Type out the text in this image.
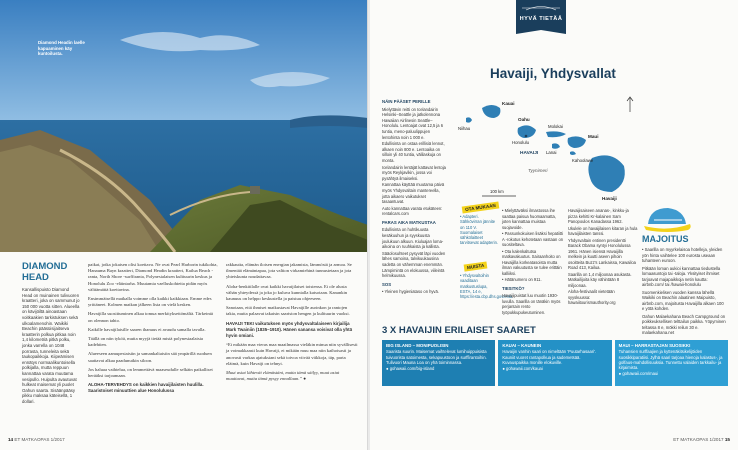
Diamond Headin laelle kapuaminen käy kuntoilusta.
DIAMOND HEAD
Kansallispuisto Diamond Head on muinainen tulivuoren kraatteri, joka on sammunut jo 150 000 vuotta sitten. Alueella on kävijöiltä ainoastaan voitkaakien tarkistuksen sekä ulkoalamenohin. Waikiki Beachin pääsüisijaitseva kraatterin polkua pitkaa noin 1,4 kilometriä pitkä polku, jonka varrella on 1048 porrasta, tunneleita sekä taukopaikkoja. Kiipeämisen ennätys normaalikuntoisella polkijalla, mutta reppuun kannattaa varata muutama vesipullo. Huipulta avautuvat hulkeat maisemat yli puolet Oahun saarta. Sisäänpääsy pikku maksaa käteisellä, 1 dollari.

paikat, jotka jokaisen olisi koettava. Ne ovat Pearl Harborin tukikohta, Hanauma Bayn kraatteri, Diamond Headin kraatteri, Kailua Beach -ranta, North Shore -surffiranta, Polynesialaisen kulttuurin keskus ja Honolulu Zoo -eläintarha. Muutamia vaelluskohteita pidän myös välttämättä koettavina.

Ensimmäisellä matkalla voimme olla kaikki kaikkiaan. Emme edes yrittäneet. Kolmen matkan jälkeen lista on vielä kesken.

Havaijilla suosittuminen alkaa tomua merkityksettömältä. Tärkeintä on olennon tahto.

Kaikille havaijilaisille saaren ihanuus ei avaudu samalla tavalla.

Täällä on niin tyköä, mutta myyjä tietää mistä polynesiaalaisia kadehtien.

Alueeseen aamupesiaisiin ja samankaltaisiin sää ympärillä ruoduen saattavat alkaa paadunutkin siloon.

Jos haluaa vaihtelua, on lemmettävä maaseudulle selkäin paikalliset herääksi tarjoamaan.

ALOHA-TERVEHDYS on kaikkien havaijilaisten huulilla. Saaristoiset minuuttien alue Honolulussa

rakkautta, elämän iloisen energian jakamista, lämmöstä ja armoa. Se ilmentää elämäntapaa, jota valtion virkamiehinä tunnustetaan ja jota yhteiskunta noudattavaa.

Aloha-henkitilalle ovat kaikki havaijilaiset toistensa. Ei ole alusta vähän yhteydessä ja joka jo kuluva kunnialla katsotaan. Kanankin kaunuus on helppo keskustella ja paistuu ohjeeseen.

Sanotaan, että ihmiset matkustavat Havaijille aurinkon ja rantojen takia, mutta palaavat takaisin saariston hengen ja kulttuurin vuoksi.

HAVAIJI TEKI vaikutuksen myös yhdysvaltalaiseen kirjailija Mark Twainiin (1835–1910). Hänen sanansa voisivat olla yhtä hyvin omiani.

“Ei mikään maa vieras maa maailmassa vieläkin minua niin syvällisesti ja voimakkaasti kuin Havaiji, ei mikään muu maa niin kaihoisasti ja anovasti varkaa ajatuksiani sekä toivoa viivää viikkoja, täp, parta eläimä, kuin Havaiji on tehnyt.

Muut asiat lähtevät elämästäni, mutta tämä säilyy, muut asiat muuttuvat, mutta tämä pysyy ennallaan.” ●

14 ET MATKAOPAS 1/2017
HYVÄ TIETÄÄ
Havaiji, Yhdysvallat
NÄIN PÄÄSET PERILLE

Mielyttävin reitti on Icelandairin Helsinki–Seattle ja jatkolennona Hawaiian Airlinesin Seattle–Honolulu. Lentoajat ovat 12,5 ja 6 tuntia, meno-paluulippujen lentohinta noin 1 000 e.

Edullisinta on ostaa erillisiä lennot, alkaen noin 800 e. Lentoaika on silloin yli 40 tuntia, välilaskuja on monta.

Icelandairin lentäjät kattavat lentoja myös Reykjavikin, jossa voi pysähtyä ilmaiseksi.

Kannattaa käyttää muutama päivä myös Yhdysvaltain mantereella, jotta aikaero vaikutukset tasaantuvat.

Auto kannattaa varata etukäteen: rentalcars.com

PARAS AIKA MATKUSTAA

Edullisinta on huhtikuusta kesäkuuhun ja syyskuusta joulukuun alkuun. Kiuluajan loma-aikoina on ruuhkaista ja kallista.

Sääolosuhteet pysyvät läpi vuoden lähes samoina, talvikuukausina sadetta on vähemman enemmän. Lämpimintä on elokuussa, viileintä helmikuussa.

SOS

• Yleinen hygieniataso on hyvä.

Kauai
Niihau
Oahu
Honolulu
Molokai
Maui
HAVAIJI Lanai
Kahoolawe
Tyynimeri
Havaiji
100 km
OTA MUKAAN
• Adapteri. Sähkövirran jännite on 110 V. Suomalaiset sähkölaitteet tarvitsevat adapterin.
MUISTA
• Yhdysvaltoihin vaaditaan matkustuslupa, ESTA, 14 e, https://esta.cbp.dhs.gov/esta

• Mielyttäväksi ilmastossa ihe saattaa paisua huomaamatta, joten kannattaa muistaa suojavoide.

• Passunkokuisen lisäksi hepatiitti A -rokotus kehotetaan vastaan on suositeltava.

• Ota kalenkaltutsa matkavakuutus. Sairaanhoito on Havaijilla korkeatasoista mutta ilman vakuutusta se tulee erittäin kalliiksi.

• Hätänumero on 911.

TIESITKÖ?

Havaijipuistat luu muotin 1930-luvulla. Saarilla on tänäkin myös perjantain rento työpukkupukeutuminen.

Havaijisaiseen ananas-, kinkku-ja pizza kehitti Kr-kalainen Sam Panopoulos Kanadassa 1962.

Ukulele on havaijilaisen kitaran ja hula havaijilaisten tanssi.

Yhdysvaltain entinen presidentti Barack Obama syntyi Honolulussa 1961. Hänen isiensä Havaijilla melkein ja kuutti aseen pihoin osoitteita Buzz's Lankaissa, Kawailoa Road 413, Kailua.

Saarilla on 1,4 miljoonaa asukasta. Matkailijoita käy vähintään 8 miljoonaa.

Aloha-festivaalit vietetään syyskuussa: hawaiitourismauthority.org

MAJOITUS

• Saarilla on myyrkelaisoa hotelleja, yleiden yön hinta vaihtelee 100 eurosta useaan tuhanteen euroon.

Pitkään loman aukioi kannattaa tiedustella lomaasuntojo tai -taloja. Yksityiset ihmiset tarjoavat majapaikkoja netin kautta: airbnb.com/ tai /hawaii-honolulu

Suomenkielisen vuoden kanssa lähellä Waikiki on Beachin alaatinen Maipuisto, airbnb.com, majoitusta Havaijilla alkaen 100 e yötä kohden.

Oahun Malaekahana Beach Campground on poikkeuksellisen telttailun paikka. Yöpyminen teltassa 8 e, mökki reilun 30 e. malaekahana.net

3 X HAVAIJIN ERILAISET SAARET
BIG ISLAND – MONIPUOLISIN
Saarista suurin. Maisemat vaihtelevat lumihuippuisista tuivuorista satoimesta, sekapuustoon ja surffirantoihin. Tulivuori Mauna Loa on yhä toiminnassa.
● gohawaii.com/big-island
KAUAI – KAUNEIN
Havaijin vanhin saari on nimeltään 'Puutarhasaari'. Kauniit vuoret rantapolkua ja sademetsää. Kuvauspaikka monille elokuville.
● gohawaii.com/kauai
MAUI – HARRASTAJAN SUOSIKKI
Tuhansien surffaajien ja kyttenäkitsikelijöiden suosikkiparatiisi. Jylhä saari tarjoaa hienoja kalastus-, ja golfaus-mahdollisuuksia. Tunnettu valaiden tarkkailu- ja kirjaimista.
● gohawaii.com/maui
ET MATKAOPAS 1/2017 15
